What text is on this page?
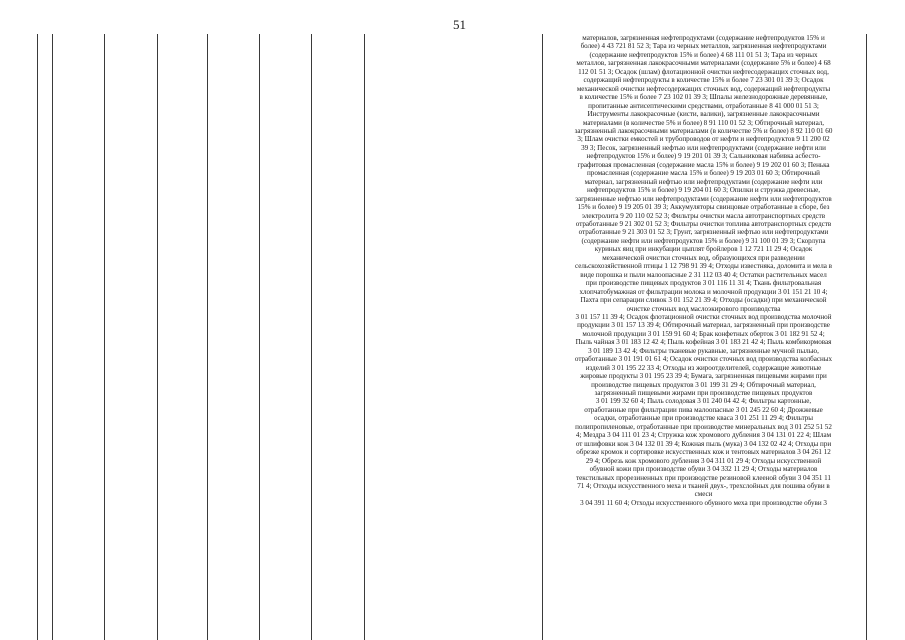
51
материалов, загрязненная нефтепродуктами (содержание нефтепродуктов 15% и
более) 4 43 721 81 52 3; Тара из черных металлов, загрязненная нефтепродуктами
(содержание нефтепродуктов 15% и более) 4 68 111 01 51 3; Тара из черных
металлов, загрязненная лакокрасочными материалами (содержание 5% и более) 4 68
112 01 51 3; Осадок (шлам) флотационной очистки нефтесодержащих сточных вод,
содержащий нефтепродукты в количестве 15% и более 7 23 301 01 39 3; Осадок
механической очистки нефтесодержащих сточных вод, содержащий нефтепродукты
в количестве 15% и более 7 23 102 01 39 3; Шпалы железнодорожные деревянные,
пропитанные антисептическими средствами, отработанные 8 41 000 01 51 3;
Инструменты лакокрасочные (кисти, валики), загрязненные лакокрасочными
материалами (в количестве 5% и более) 8 91 110 01 52 3; Обтирочный материал,
загрязненный лакокрасочными материалами (в количестве 5% и более) 8 92 110 01 60
3; Шлам очистки емкостей и трубопроводов от нефти и нефтепродуктов 9 11 200 02
39 3; Песок, загрязненный нефтью или нефтепродуктами (содержание нефти или
нефтепродуктов 15% и более) 9 19 201 01 39 3; Сальниковая набивка асбесто-
графитовая промасленная (содержание масла 15% и более) 9 19 202 01 60 3; Пенька
промасленная (содержание масла 15% и более) 9 19 203 01 60 3; Обтирочный
материал, загрязненный нефтью или нефтепродуктами (содержание нефти или
нефтепродуктов 15% и более) 9 19 204 01 60 3; Опилки и стружка древесные,
загрязненные нефтью или нефтепродуктами (содержание нефти или нефтепродуктов
15% и более) 9 19 205 01 39 3; Аккумуляторы свинцовые отработанные в сборе, без
электролита 9 20 110 02 52 3; Фильтры очистки масла автотранспортных средств
отработанные 9 21 302 01 52 3; Фильтры очистки топлива автотранспортных средств
отработанные 9 21 303 01 52 3; Грунт, загрязненный нефтью или нефтепродуктами
(содержание нефти или нефтепродуктов 15% и более) 9 31 100 01 39 3; Скорлупа
куриных яиц при инкубации цыплят бройлеров 1 12 721 11 29 4; Осадок
механической очистки сточных вод, образующихся при разведении
сельскохозяйственной птицы 1 12 798 91 39 4; Отходы известняка, доломита и мела в
виде порошка и пыли малоопасные 2 31 112 03 40 4; Остатки растительных масел
при производстве пищевых продуктов 3 01 116 11 31 4; Ткань фильтровальная
хлопчатобумажная от фильтрации молока и молочной продукции 3 01 151 21 10 4;
Пахта при сепарации сливок 3 01 152 21 39 4; Отходы (осадки) при механической
очистке сточных вод маслоэкирового производства
3 01 157 11 39 4; Осадок флотационной очистки сточных вод производства молочной
продукции 3 01 157 13 39 4; Обтирочный материал, загрязненный при производстве
молочной продукции 3 01 159 91 60 4; Брак конфетных оберток 3 01 182 91 52 4;
Пыль чайная 3 01 183 12 42 4; Пыль кофейная 3 01 183 21 42 4; Пыль комбикормовая
3 01 189 13 42 4; Фильтры тканевые рукавные, загрязненные мучной пылью,
отработанные 3 01 191 01 61 4; Осадок очистки сточных вод производства колбасных
изделий 3 01 195 22 33 4; Отходы из жироотделителей, содержащие животные
жировые продукты 3 01 195 23 39 4; Бумага, загрязненная пищевыми жирами при
производстве пищевых продуктов 3 01 199 31 29 4; Обтирочный материал,
загрязненный пищевыми жирами при производстве пищевых продуктов
3 01 199 32 60 4; Пыль солодовая 3 01 240 04 42 4; Фильтры картонные,
отработанные при фильтрации пива малоопасные 3 01 245 22 60 4; Дрожжевые
осадки, отработанные при производстве кваса 3 01 251 11 29 4; Фильтры
полипропиленовые, отработанные при производстве минеральных вод 3 01 252 51 52
4; Мездра 3 04 111 01 23 4; Стружка кож хромового дубления 3 04 131 01 22 4; Шлам
от шлифовки кож 3 04 132 01 39 4; Кожная пыль (мука) 3 04 132 02 42 4; Отходы при
обрезке кромок и сортировке искусственных кож и тентовых материалов 3 04 261 12
29 4; Обрезь кож хромового дубления 3 04 311 01 29 4; Отходы искусственной
обувной кожи при производстве обуви 3 04 332 11 29 4; Отходы материалов
текстильных прорезиненных при производстве резиновой клееной обуви 3 04 351 11
71 4; Отходы искусственного меха и тканей двух-, трехслойных для пошива обуви в
смеси
3 04 391 11 60 4; Отходы искусственного обувного меха при производстве обуви 3
